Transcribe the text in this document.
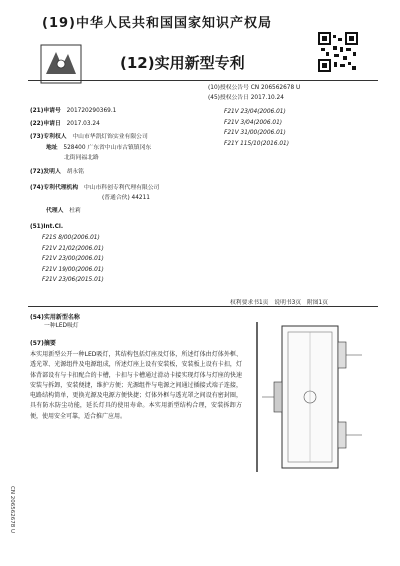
(19)中华人民共和国国家知识产权局
(12)实用新型专利
(10)授权公告号 CN 206562678 U
(45)授权公告日 2017.10.24
(21)申请号　 201720290369.1
(22)申请日　 2017.03.24
(73)专利权人　 中山市华凯灯饰实业有限公司
地址　 528400 广东省中山市古镇镇冈东
北街同福北路
(72)发明人　 胡永铭
(74)专利代理机构　 中山市科创专利代理有限公司
(普通合伙) 44211
代理人　 杜莉
(51)Int.Cl.
F21S 8/00(2006.01)
F21V 21/02(2006.01)
F21V 23/00(2006.01)
F21V 19/00(2006.01)
F21V 23/06(2015.01)
F21V 23/04(2006.01)
F21V 3/04(2006.01)
F21V 31/00(2006.01)
F21Y 115/10(2016.01)
权利要求书1页　说明书3页　附图1页
(54)实用新型名称
一种LED吸灯
(57)摘要
本实用新型公开一种LED吸灯，其结构包括灯座及灯体，所述灯体由灯体外框、透光罩、光源组件及电源组成，所述灯座上设有安装板，安装板上设有卡扣，灯体背部设有与卡扣配合的卡槽，卡扣与卡槽通过滑动卡接实现灯体与灯座的快速安装与拆卸，安装便捷，维护方便；光源组件与电源之间通过插接式端子连接，电路结构简单，更换光源及电源方便快捷；灯体外框与透光罩之间设有密封圈，具有防水防尘功能，延长灯具的使用寿命。本实用新型结构合理，安装拆卸方便，使用安全可靠，适合推广应用。
CN 206562678 U
